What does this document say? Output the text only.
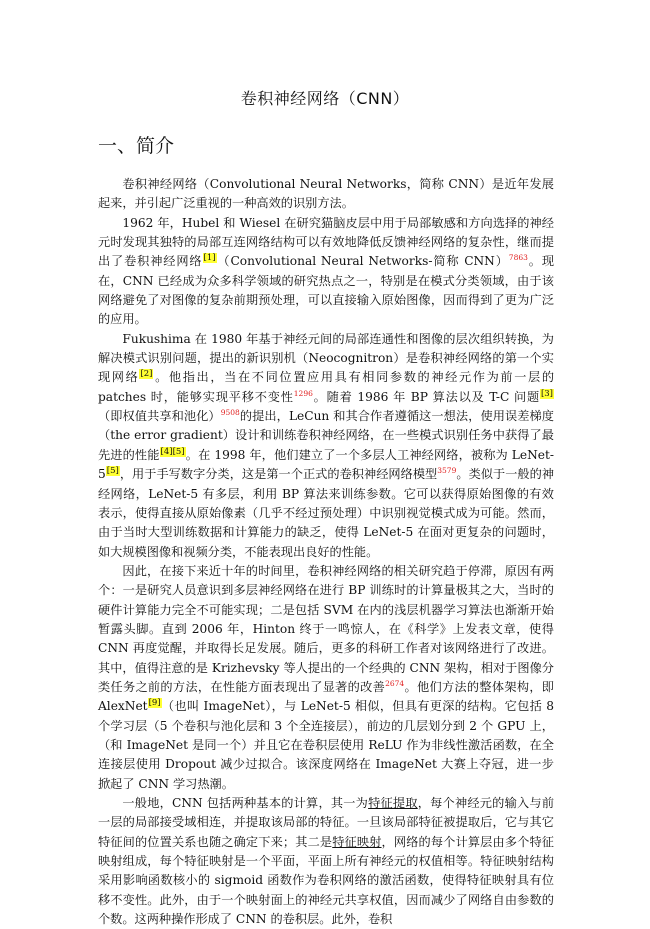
卷积神经网络（CNN）
一、简介

卷积神经网络（Convolutional Neural Networks，简称 CNN）是近年发展起来，并引起广泛重视的一种高效的识别方法。

1962 年，Hubel 和 Wiesel 在研究猫脑皮层中用于局部敏感和方向选择的神经元时发现其独特的局部互连网络结构可以有效地降低反馈神经网络的复杂性，继而提出了卷积神经网络[1]（Convolutional Neural Networks-简称 CNN）$^{7863}$。现在，CNN 已经成为众多科学领域的研究热点之一，特别是在模式分类领域，由于该网络避免了对图像的复杂前期预处理，可以直接输入原始图像，因而得到了更为广泛的应用。

Fukushima 在 1980 年基于神经元间的局部连通性和图像的层次组织转换，为解决模式识别问题，提出的新识别机（Neocognitron）是卷积神经网络的第一个实现网络[2]。他指出，当在不同位置应用具有相同参数的神经元作为前一层的 patches 时，能够实现平移不变性$^{1296}$。随着 1986 年 BP 算法以及 T-C 问题[3]（即权值共享和池化）$^{9508}$的提出，LeCun 和其合作者遵循这一想法，使用误差梯度（the error gradient）设计和训练卷积神经网络，在一些模式识别任务中获得了最先进的性能[4][5]。在 1998 年，他们建立了一个多层人工神经网络，被称为 LeNet-5[5]，用于手写数字分类，这是第一个正式的卷积神经网络模型$^{3579}$。类似于一般的神经网络，LeNet-5 有多层，利用 BP 算法来训练参数。它可以获得原始图像的有效表示，使得直接从原始像素（几乎不经过预处理）中识别视觉模式成为可能。然而，由于当时大型训练数据和计算能力的缺乏，使得 LeNet-5 在面对更复杂的问题时，如大规模图像和视频分类，不能表现出良好的性能。

因此，在接下来近十年的时间里，卷积神经网络的相关研究趋于停滞，原因有两个：一是研究人员意识到多层神经网络在进行 BP 训练时的计算量极其之大，当时的硬件计算能力完全不可能实现；二是包括 SVM 在内的浅层机器学习算法也渐渐开始暂露头脚。直到 2006 年，Hinton 终于一鸣惊人，在《科学》上发表文章，使得 CNN 再度觉醒，并取得长足发展。随后，更多的科研工作者对该网络进行了改进。其中，值得注意的是 Krizhevsky 等人提出的一个经典的 CNN 架构，相对于图像分类任务之前的方法，在性能方面表现出了显著的改善$^{2674}$。他们方法的整体架构，即 AlexNet[9]（也叫 ImageNet），与 LeNet-5 相似，但具有更深的结构。它包括 8 个学习层（5 个卷积与池化层和 3 个全连接层），前边的几层划分到 2 个 GPU 上，（和 ImageNet 是同一个）并且它在卷积层使用 ReLU 作为非线性激活函数，在全连接层使用 Dropout 减少过拟合。该深度网络在 ImageNet 大赛上夺冠，进一步掀起了 CNN 学习热潮。

一般地，CNN 包括两种基本的计算，其一为特征提取，每个神经元的输入与前一层的局部接受域相连，并提取该局部的特征。一旦该局部特征被提取后，它与其它特征间的位置关系也随之确定下来；其二是特征映射，网络的每个计算层由多个特征映射组成，每个特征映射是一个平面，平面上所有神经元的权值相等。特征映射结构采用影响函数核小的 sigmoid 函数作为卷积网络的激活函数，使得特征映射具有位移不变性。此外，由于一个映射面上的神经元共享权值，因而减少了网络自由参数的个数。这两种操作形成了 CNN 的卷积层。此外，卷积
